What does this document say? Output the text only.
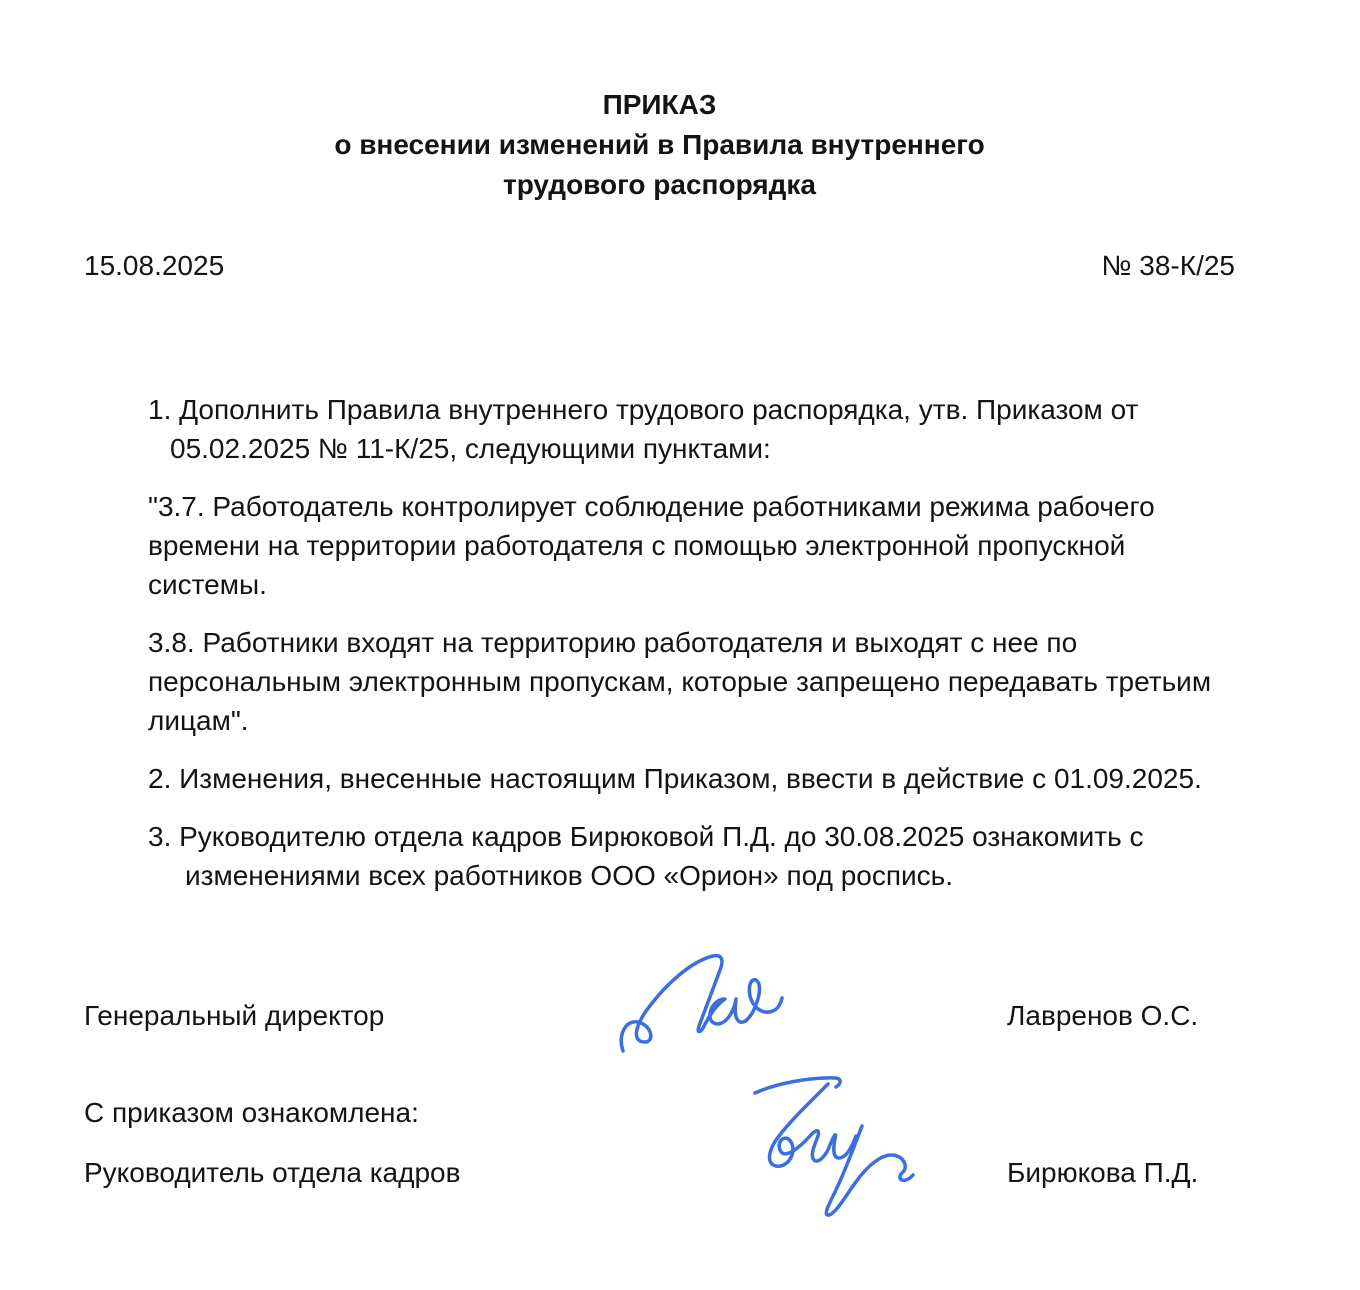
ПРИКАЗ
о внесении изменений в Правила внутреннего
трудового распорядка
15.08.2025	№ 38-К/25
1. Дополнить Правила внутреннего трудового распорядка, утв. Приказом от
05.02.2025 № 11-К/25, следующими пунктами:
"3.7. Работодатель контролирует соблюдение работниками режима рабочего
времени на территории работодателя с помощью электронной пропускной
системы.
3.8. Работники входят на территорию работодателя и выходят с нее по
персональным электронным пропускам, которые запрещено передавать третьим
лицам".
2. Изменения, внесенные настоящим Приказом, ввести в действие с 01.09.2025.
3. Руководителю отдела кадров Бирюковой П.Д. до 30.08.2025 ознакомить с
изменениями всех работников ООО «Орион» под роспись.
Генеральный директор	Лавренов О.С.
С приказом ознакомлена:
Руководитель отдела кадров	Бирюкова П.Д.
